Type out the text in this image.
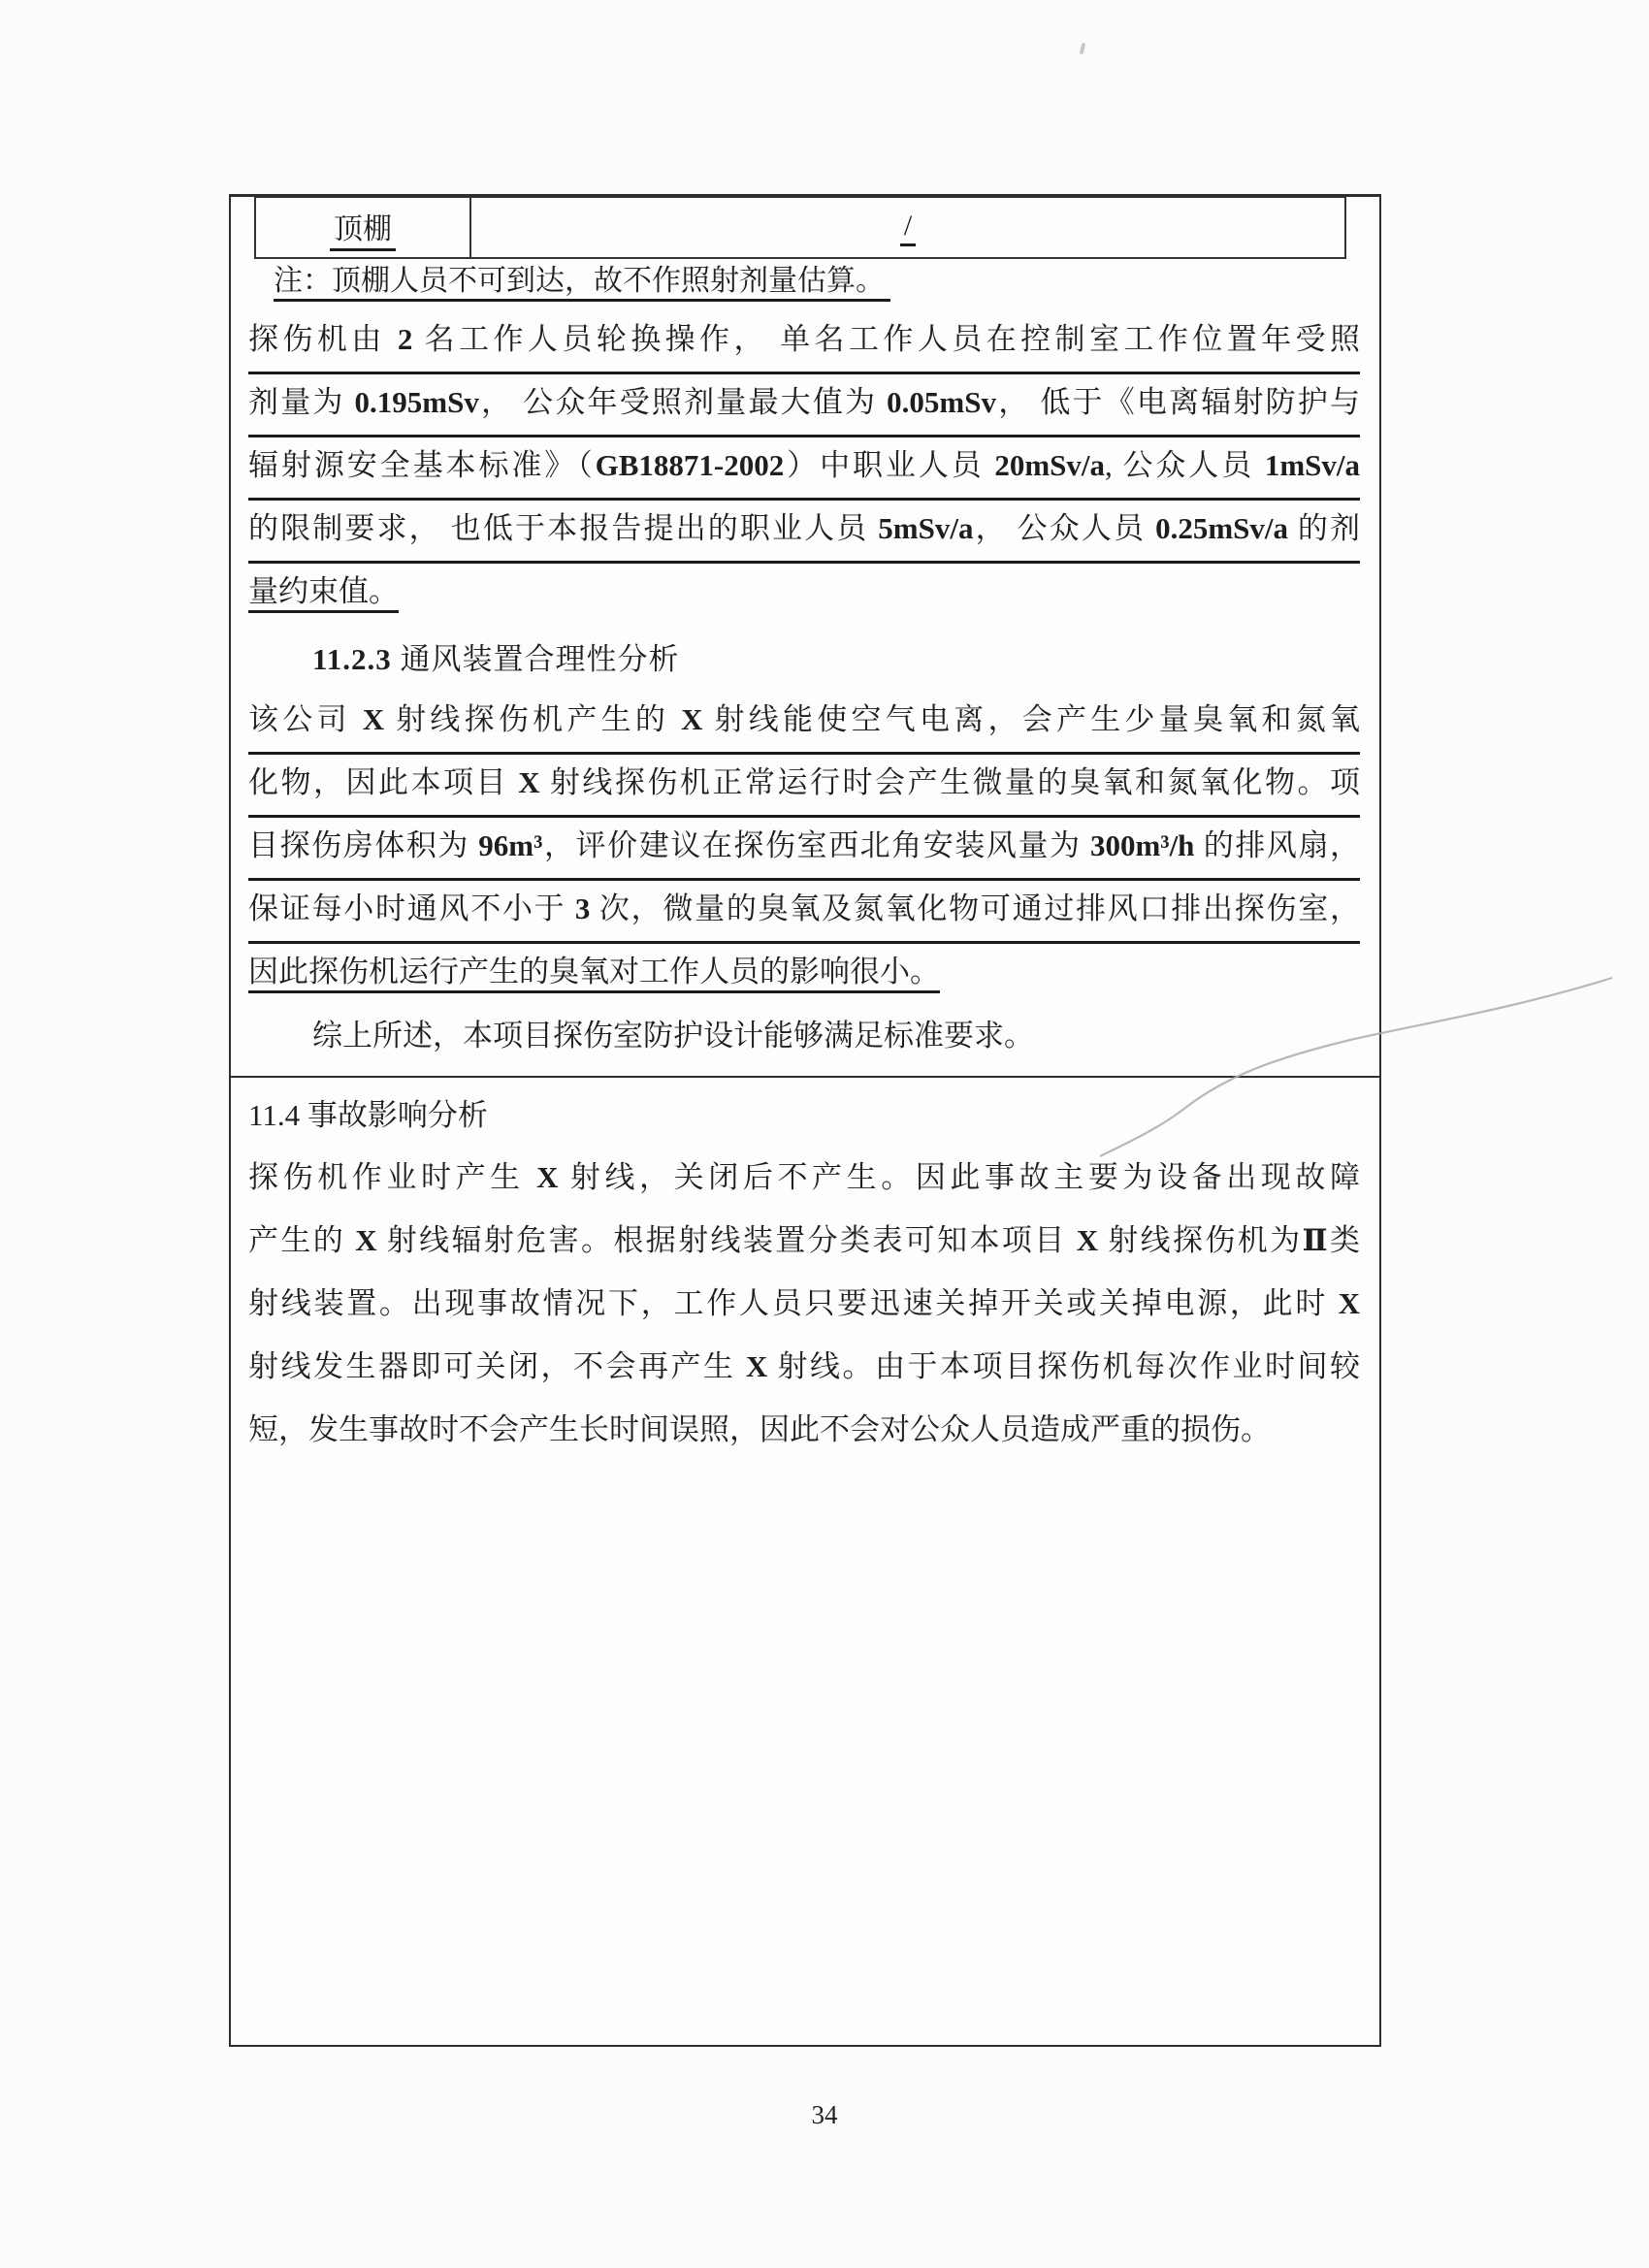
顶棚	/
注：顶棚人员不可到达，故不作照射剂量估算。
探伤机由 2 名工作人员轮换操作， 单名工作人员在控制室工作位置年受照
剂量为 0.195mSv， 公众年受照剂量最大值为 0.05mSv， 低于《电离辐射防护与
辐射源安全基本标准》（GB18871-2002）中职业人员 20mSv/a, 公众人员 1mSv/a
的限制要求， 也低于本报告提出的职业人员 5mSv/a， 公众人员 0.25mSv/a 的剂
量约束值。
11.2.3 通风装置合理性分析
该公司 X 射线探伤机产生的 X 射线能使空气电离，会产生少量臭氧和氮氧
化物，因此本项目 X 射线探伤机正常运行时会产生微量的臭氧和氮氧化物。项
目探伤房体积为 96m³，评价建议在探伤室西北角安装风量为 300m³/h 的排风扇，
保证每小时通风不小于 3 次，微量的臭氧及氮氧化物可通过排风口排出探伤室，
因此探伤机运行产生的臭氧对工作人员的影响很小。
综上所述，本项目探伤室防护设计能够满足标准要求。
11.4 事故影响分析
探伤机作业时产生 X 射线，关闭后不产生。因此事故主要为设备出现故障
产生的 X 射线辐射危害。根据射线装置分类表可知本项目 X 射线探伤机为Ⅱ类
射线装置。出现事故情况下，工作人员只要迅速关掉开关或关掉电源，此时 X
射线发生器即可关闭，不会再产生 X 射线。由于本项目探伤机每次作业时间较
短，发生事故时不会产生长时间误照，因此不会对公众人员造成严重的损伤。
34
